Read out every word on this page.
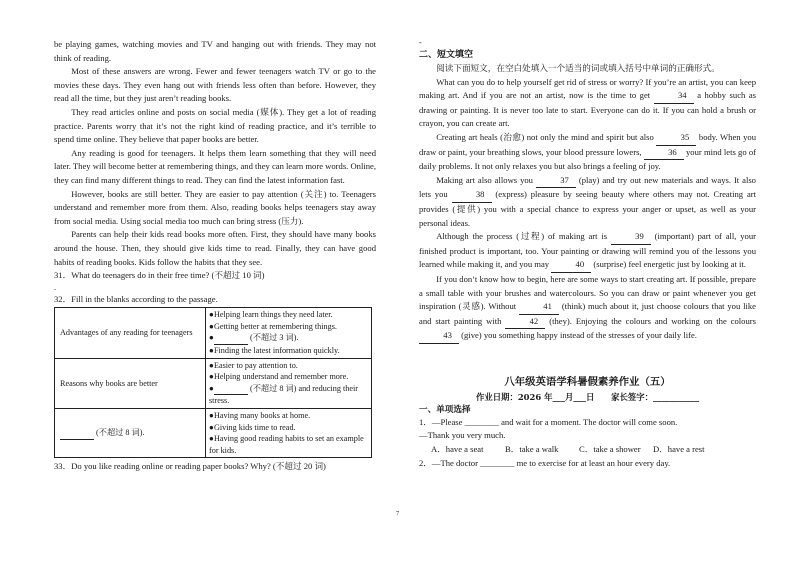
be playing games, watching movies and TV and hanging out with friends. They may not think of reading.

Most of these answers are wrong. Fewer and fewer teenagers watch TV or go to the movies these days. They even hang out with friends less often than before. However, they read all the time, but they just aren’t reading books.

They read articles online and posts on social media (媒体). They get a lot of reading practice. Parents worry that it’s not the right kind of reading practice, and it’s terrible to spend time online. They believe that paper books are better.

Any reading is good for teenagers. It helps them learn something that they will need later. They will become better at remembering things, and they can learn more words. Online, they can find many different things to read. They can find the latest information fast.

However, books are still better. They are easier to pay attention (关注) to. Teenagers understand and remember more from them. Also, reading books helps teenagers stay away from social media. Using social media too much can bring stress (压力).

Parents can help their kids read books more often. First, they should have many books around the house. Then, they should give kids time to read. Finally, they can have good habits of reading books. Kids follow the habits that they see.

31．What do teenagers do in their free time? (不超过 10 词)

.

32．Fill in the blanks according to the passage.

Advantages of any reading for teenagers	●Helping learn things they need later.
●Getting better at remembering things.
● (不超过 3 词).
●Finding the latest information quickly.

Reasons why books are better	●Easier to pay attention to.
●Helping understand and remember more.
● (不超过 8 词) and reducing their stress.

(不超过 8 词).	●Having many books at home.
●Giving kids time to read.
●Having good reading habits to set an example for kids.

33．Do you like reading online or reading paper books? Why? (不超过 20 词)

-

二、短文填空

阅读下面短文，在空白处填入一个适当的词或填入括号中单词的正确形式。

What can you do to help yourself get rid of stress or worry? If you’re an artist, you can keep making art. And if you are not an artist, now is the time to get	34 a hobby such as drawing or painting. It is never too late to start. Everyone can do it. If you can hold a brush or crayon, you can create art.

Creating art heals (治愈) not only the mind and spirit but also	35 body. When you draw or paint, your breathing slows, your blood pressure lowers,	36 your mind lets go of daily problems. It not only relaxes you but also brings a feeling of joy.

Making art also allows you	37 (play) and try out new materials and ways. It also lets you	38 (express) pleasure by seeing beauty where others may not. Creating art provides (提供) you with a special chance to express your anger or upset, as well as your personal ideas.

Although the process (过程) of making art is	39 (important) part of all, your finished product is important, too. Your painting or drawing will remind you of the lessons you learned while making it, and you may	40 (surprise) feel energetic just by looking at it.

If you don’t know how to begin, here are some ways to start creating art. If possible, prepare a small table with your brushes and watercolours. So you can draw or paint whenever you get inspiration (灵感). Without	41 (think) much about it, just choose colours that you like and start painting with	42 (they). Enjoying the colours and working on the colours 43 (give) you something happy instead of the stresses of your daily life.

八年级英语学科暑假素养作业（五）

作业日期：2026 年___月___日　　家长签字：___________

一、单项选择

1．—Please ________ and wait for a moment. The doctor will come soon.

—Thank you very much.

A．have a seat	B．take a walk C．take a shower D．have a rest

2．—The doctor ________ me to exercise for at least an hour every day.

7
